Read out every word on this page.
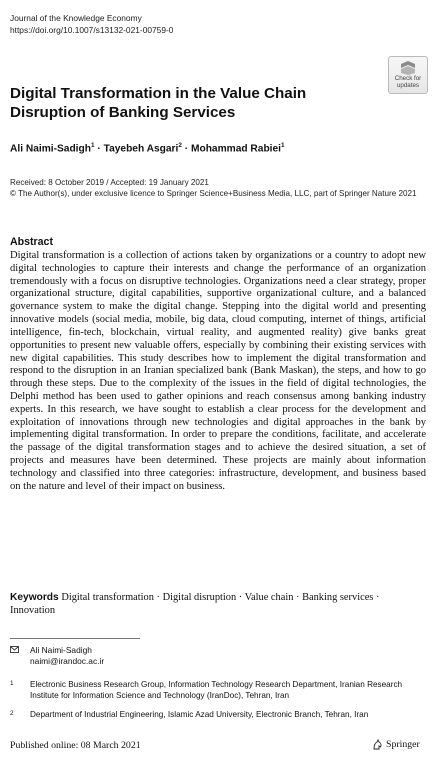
Journal of the Knowledge Economy
https://doi.org/10.1007/s13132-021-00759-0
Check for
updates
Digital Transformation in the Value Chain Disruption of Banking Services
Ali Naimi-Sadigh$^1$ · Tayebeh Asgari$^2$ · Mohammad Rabiei$^1$
Received: 8 October 2019 / Accepted: 19 January 2021
© The Author(s), under exclusive licence to Springer Science+Business Media, LLC, part of Springer Nature 2021
Abstract

Digital transformation is a collection of actions taken by organizations or a country to adopt new digital technologies to capture their interests and change the performance of an organization tremendously with a focus on disruptive technologies. Organizations need a clear strategy, proper organizational structure, digital capabilities, supportive organizational culture, and a balanced governance system to make the digital change. Stepping into the digital world and presenting innovative models (social media, mobile, big data, cloud computing, internet of things, artificial intelligence, fin-tech, blockchain, virtual reality, and augmented reality) give banks great opportunities to present new valuable offers, especially by combining their existing services with new digital capabilities. This study describes how to implement the digital transformation and respond to the disruption in an Iranian specialized bank (Bank Maskan), the steps, and how to go through these steps. Due to the complexity of the issues in the field of digital technologies, the Delphi method has been used to gather opinions and reach consensus among banking industry experts. In this research, we have sought to establish a clear process for the development and exploitation of innovations through new technologies and digital approaches in the bank by implementing digital transformation. In order to prepare the conditions, facilitate, and accelerate the passage of the digital transformation stages and to achieve the desired situation, a set of projects and measures have been determined. These projects are mainly about information technology and classified into three categories: infrastructure, development, and business based on the nature and level of their impact on business.

Keywords Digital transformation · Digital disruption · Value chain · Banking services · Innovation
Ali Naimi-Sadigh
naimi@irandoc.ac.ir
1 Electronic Business Research Group, Information Technology Research Department, Iranian Research Institute for Information Science and Technology (IranDoc), Tehran, Iran
2 Department of Industrial Engineering, Islamic Azad University, Electronic Branch, Tehran, Iran
Published online: 08 March 2021	Springer
